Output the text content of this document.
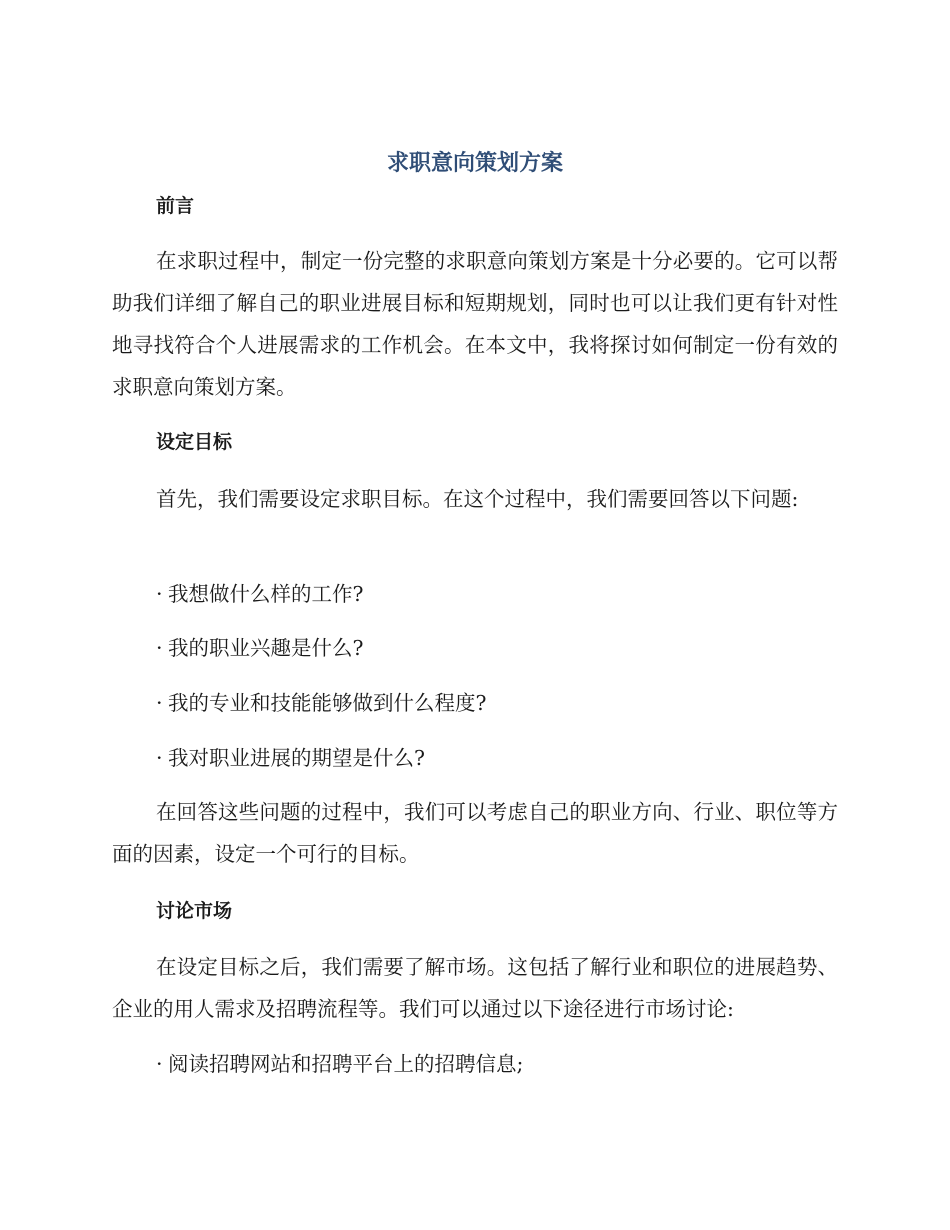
求职意向策划方案
前言

在求职过程中，制定一份完整的求职意向策划方案是十分必要的。它可以帮助我们详细了解自己的职业进展目标和短期规划，同时也可以让我们更有针对性地寻找符合个人进展需求的工作机会。在本文中，我将探讨如何制定一份有效的求职意向策划方案。

设定目标

首先，我们需要设定求职目标。在这个过程中，我们需要回答以下问题:

· 我想做什么样的工作?
· 我的职业兴趣是什么?
· 我的专业和技能能够做到什么程度?
· 我对职业进展的期望是什么?

在回答这些问题的过程中，我们可以考虑自己的职业方向、行业、职位等方面的因素，设定一个可行的目标。

讨论市场

在设定目标之后，我们需要了解市场。这包括了解行业和职位的进展趋势、企业的用人需求及招聘流程等。我们可以通过以下途径进行市场讨论:

· 阅读招聘网站和招聘平台上的招聘信息;
